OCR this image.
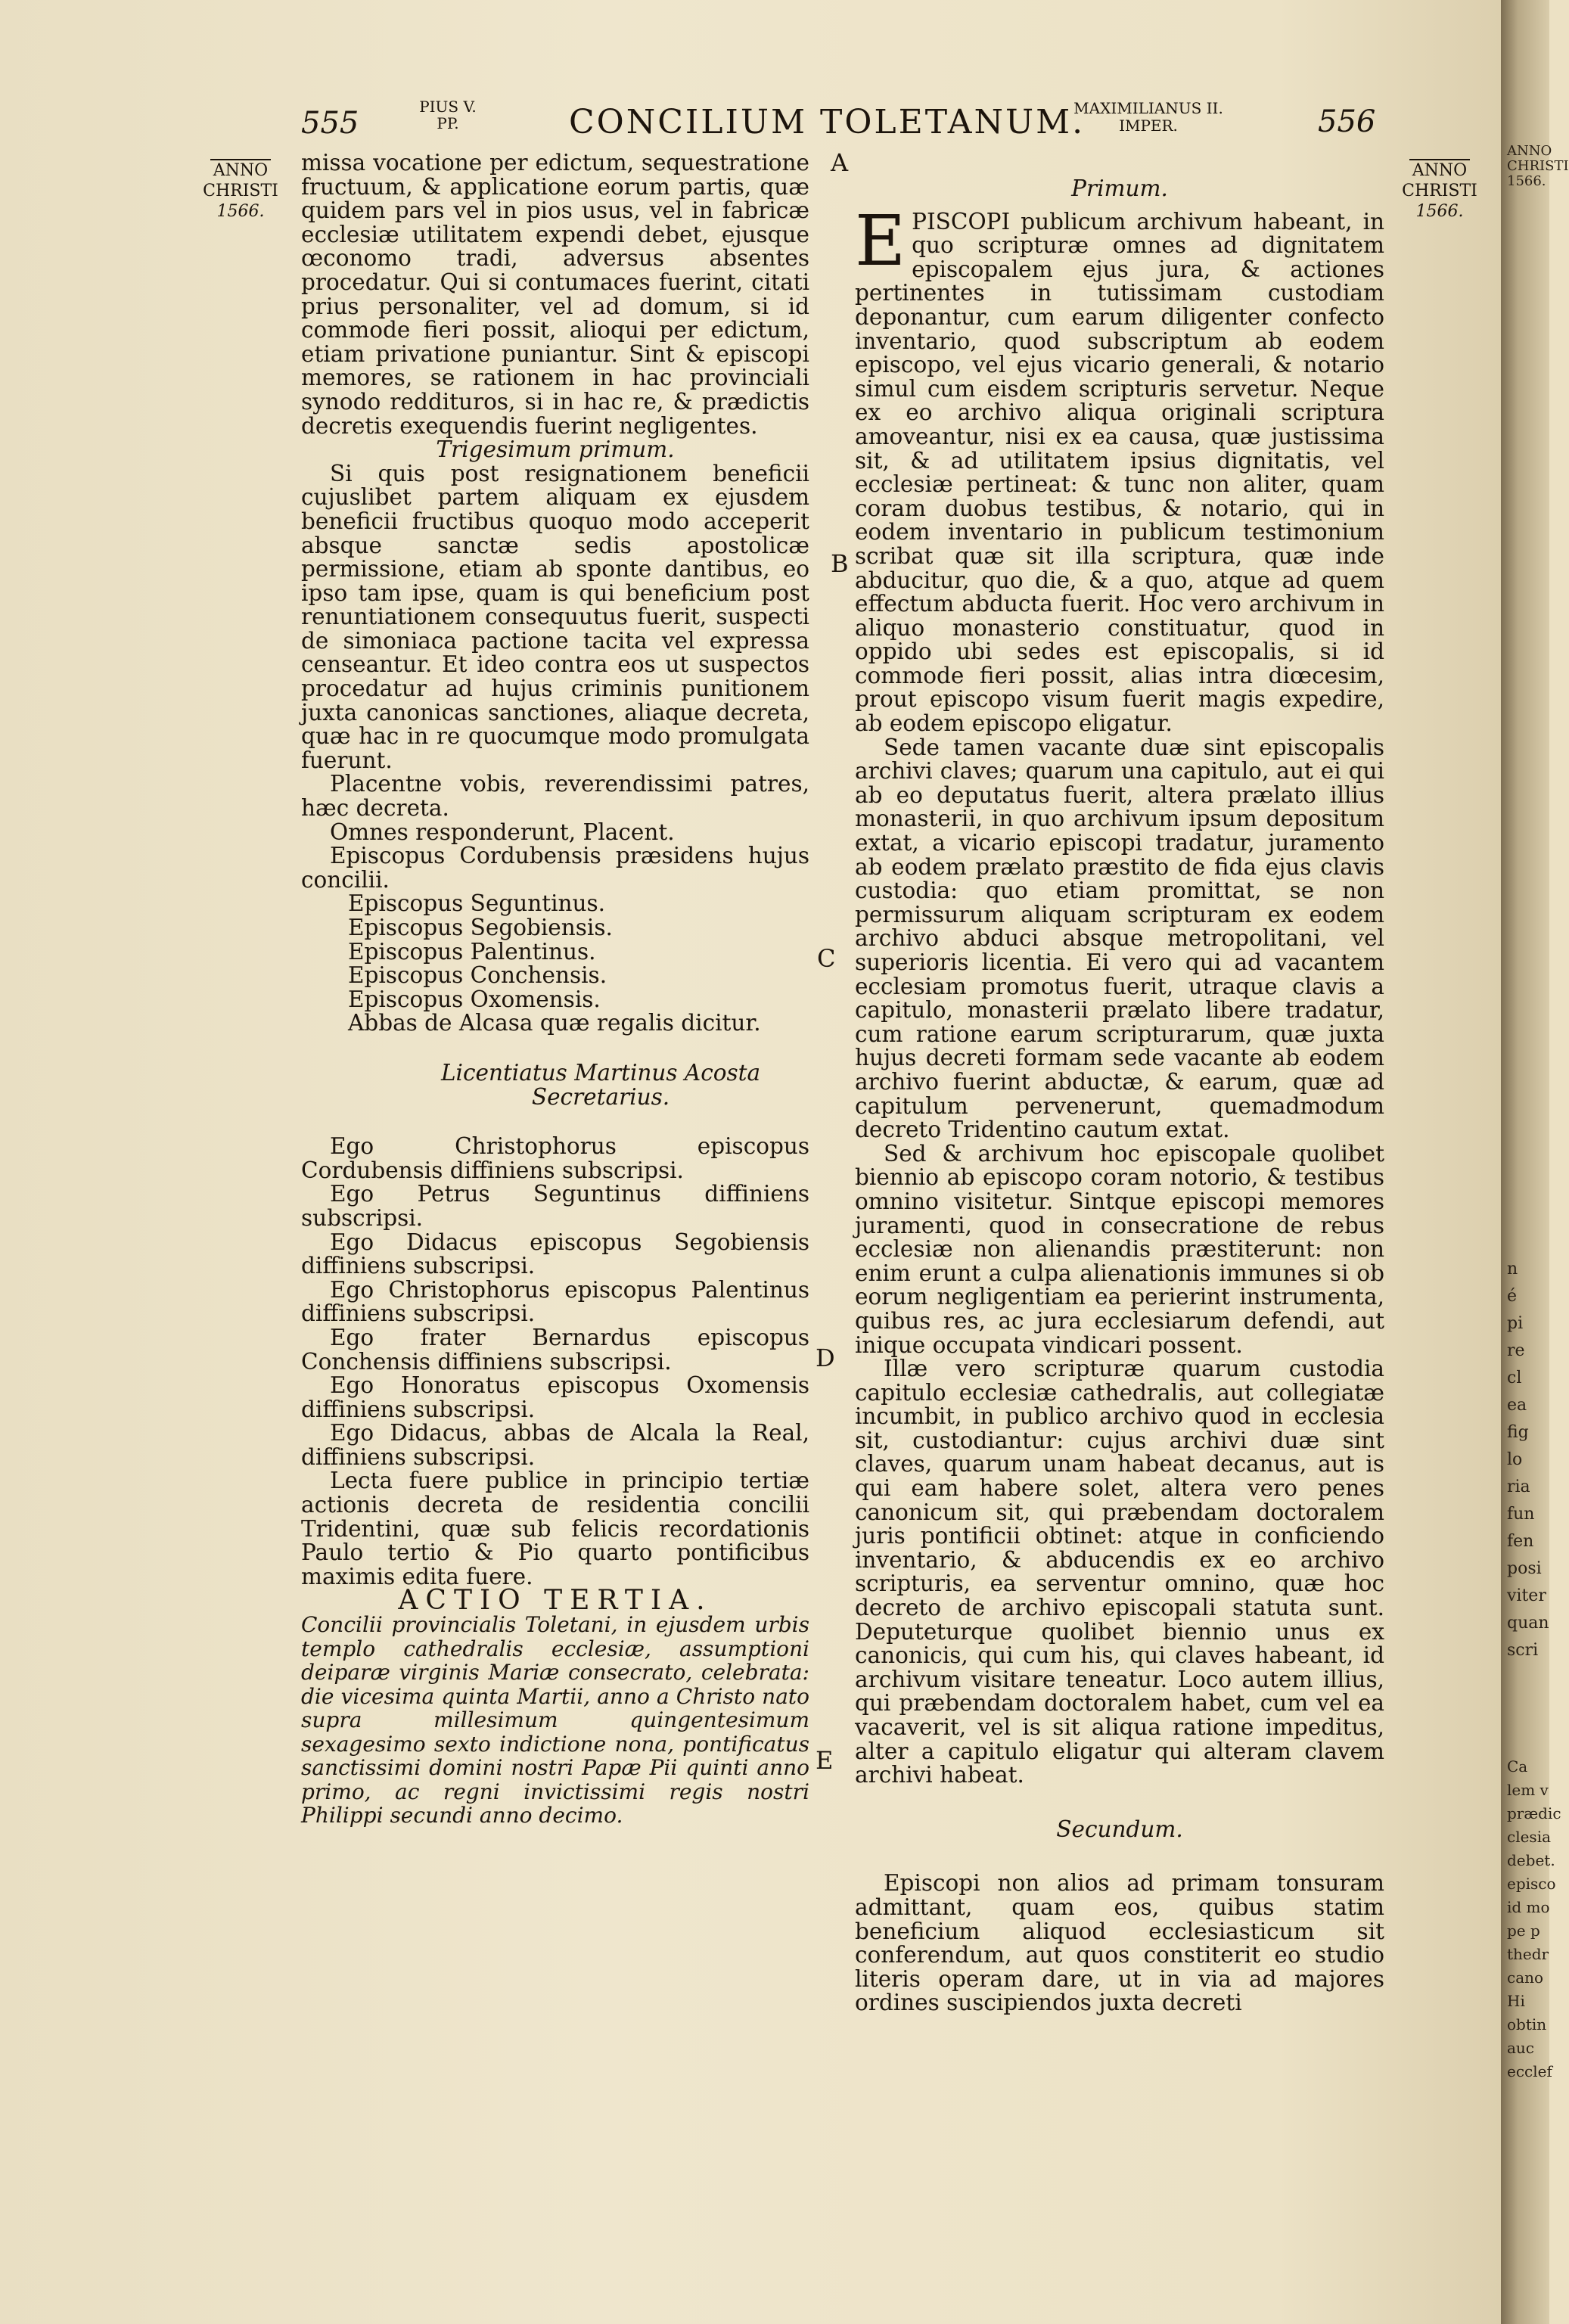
555	PIUS V.
PP.	CONCILIUM TOLETANUM.
MAXIMILIANUS II.
IMPER.	556
ANNO
CHRISTI
1566.
ANNO
CHRISTI
1566.
A
B
C
D
E

missa vocatione per edictum, sequestratione fructuum, & applicatione eorum partis, quæ quidem pars vel in pios usus, vel in fabricæ ecclesiæ utilitatem expendi debet, ejusque œconomo tradi, adversus absentes procedatur. Qui si contumaces fuerint, citati prius personaliter, vel ad domum, si id commode fieri possit, alioqui per edictum, etiam privatione puniantur. Sint & episcopi memores, se rationem in hac provinciali synodo reddituros, si in hac re, & prædictis decretis exequendis fuerint negligentes.

Trigesimum primum.

Si quis post resignationem beneficii cujuslibet partem aliquam ex ejusdem beneficii fructibus quoquo modo acceperit absque sanctæ sedis apostolicæ permissione, etiam ab sponte dantibus, eo ipso tam ipse, quam is qui beneficium post renuntiationem consequutus fuerit, suspecti de simoniaca pactione tacita vel expressa censeantur. Et ideo contra eos ut suspectos procedatur ad hujus criminis punitionem juxta canonicas sanctiones, aliaque decreta, quæ hac in re quocumque modo promulgata fuerunt.

Placentne vobis, reverendissimi patres, hæc decreta.

Omnes responderunt, Placent.

Episcopus Cordubensis præsidens hujus concilii.

Episcopus Seguntinus.

Episcopus Segobiensis.

Episcopus Palentinus.

Episcopus Conchensis.

Episcopus Oxomensis.

Abbas de Alcasa quæ regalis dicitur.

Licentiatus Martinus Acosta
Secretarius.

Ego Christophorus episcopus Cordubensis diffiniens subscripsi.

Ego Petrus Seguntinus diffiniens subscripsi.

Ego Didacus episcopus Segobiensis diffiniens subscripsi.

Ego Christophorus episcopus Palentinus diffiniens subscripsi.

Ego frater Bernardus episcopus Conchensis diffiniens subscripsi.

Ego Honoratus episcopus Oxomensis diffiniens subscripsi.

Ego Didacus, abbas de Alcala la Real, diffiniens subscripsi.

Lecta fuere publice in principio tertiæ actionis decreta de residentia concilii Tridentini, quæ sub felicis recordationis Paulo tertio & Pio quarto pontificibus maximis edita fuere.

ACTIO TERTIA.

Concilii provincialis Toletani, in ejusdem urbis templo cathedralis ecclesiæ, assumptioni deiparæ virginis Mariæ consecrato, celebrata: die vicesima quinta Martii, anno a Christo nato supra millesimum quingentesimum sexagesimo sexto indictione nona, pontificatus sanctissimi domini nostri Papæ Pii quinti anno primo, ac regni invictissimi regis nostri Philippi secundi anno decimo.

Primum.

EPISCOPI publicum archivum habeant, in quo scripturæ omnes ad dignitatem episcopalem ejus jura, & actiones pertinentes in tutissimam custodiam deponantur, cum earum diligenter confecto inventario, quod subscriptum ab eodem episcopo, vel ejus vicario generali, & notario simul cum eisdem scripturis servetur. Neque ex eo archivo aliqua originali scriptura amoveantur, nisi ex ea causa, quæ justissima sit, & ad utilitatem ipsius dignitatis, vel ecclesiæ pertineat: & tunc non aliter, quam coram duobus testibus, & notario, qui in eodem inventario in publicum testimonium scribat quæ sit illa scriptura, quæ inde abducitur, quo die, & a quo, atque ad quem effectum abducta fuerit. Hoc vero archivum in aliquo monasterio constituatur, quod in oppido ubi sedes est episcopalis, si id commode fieri possit, alias intra diœcesim, prout episcopo visum fuerit magis expedire, ab eodem episcopo eligatur.

Sede tamen vacante duæ sint episcopalis archivi claves; quarum una capitulo, aut ei qui ab eo deputatus fuerit, altera prælato illius monasterii, in quo archivum ipsum depositum extat, a vicario episcopi tradatur, juramento ab eodem prælato præstito de fida ejus clavis custodia: quo etiam promittat, se non permissurum aliquam scripturam ex eodem archivo abduci absque metropolitani, vel superioris licentia. Ei vero qui ad vacantem ecclesiam promotus fuerit, utraque clavis a capitulo, monasterii prælato libere tradatur, cum ratione earum scripturarum, quæ juxta hujus decreti formam sede vacante ab eodem archivo fuerint abductæ, & earum, quæ ad capitulum pervenerunt, quemadmodum decreto Tridentino cautum extat.

Sed & archivum hoc episcopale quolibet biennio ab episcopo coram notorio, & testibus omnino visitetur. Sintque episcopi memores juramenti, quod in consecratione de rebus ecclesiæ non alienandis præstiterunt: non enim erunt a culpa alienationis immunes si ob eorum negligentiam ea perierint instrumenta, quibus res, ac jura ecclesiarum defendi, aut inique occupata vindicari possent.

Illæ vero scripturæ quarum custodia capitulo ecclesiæ cathedralis, aut collegiatæ incumbit, in publico archivo quod in ecclesia sit, custodiantur: cujus archivi duæ sint claves, quarum unam habeat decanus, aut is qui eam habere solet, altera vero penes canonicum sit, qui præbendam doctoralem juris pontificii obtinet: atque in conficiendo inventario, & abducendis ex eo archivo scripturis, ea serventur omnino, quæ hoc decreto de archivo episcopali statuta sunt. Deputeturque quolibet biennio unus ex canonicis, qui cum his, qui claves habeant, id archivum visitare teneatur. Loco autem illius, qui præbendam doctoralem habet, cum vel ea vacaverit, vel is sit aliqua ratione impeditus, alter a capitulo eligatur qui alteram clavem archivi habeat.

Secundum.

Episcopi non alios ad primam tonsuram admittant, quam eos, quibus statim beneficium aliquod ecclesiasticum sit conferendum, aut quos constiterit eo studio literis operam dare, ut in via ad majores ordines suscipiendos juxta decreti

ANNO
CHRISTI
1566.
n
é
pi
re
cl
ea
fig
lo
ria
fun
fen
posi
viter
quan
scri
Ca
lem v
prædic
clesia
debet.
episco
id mo
pe p
thedr
cano
Hi
obtin
auc
ecclef
